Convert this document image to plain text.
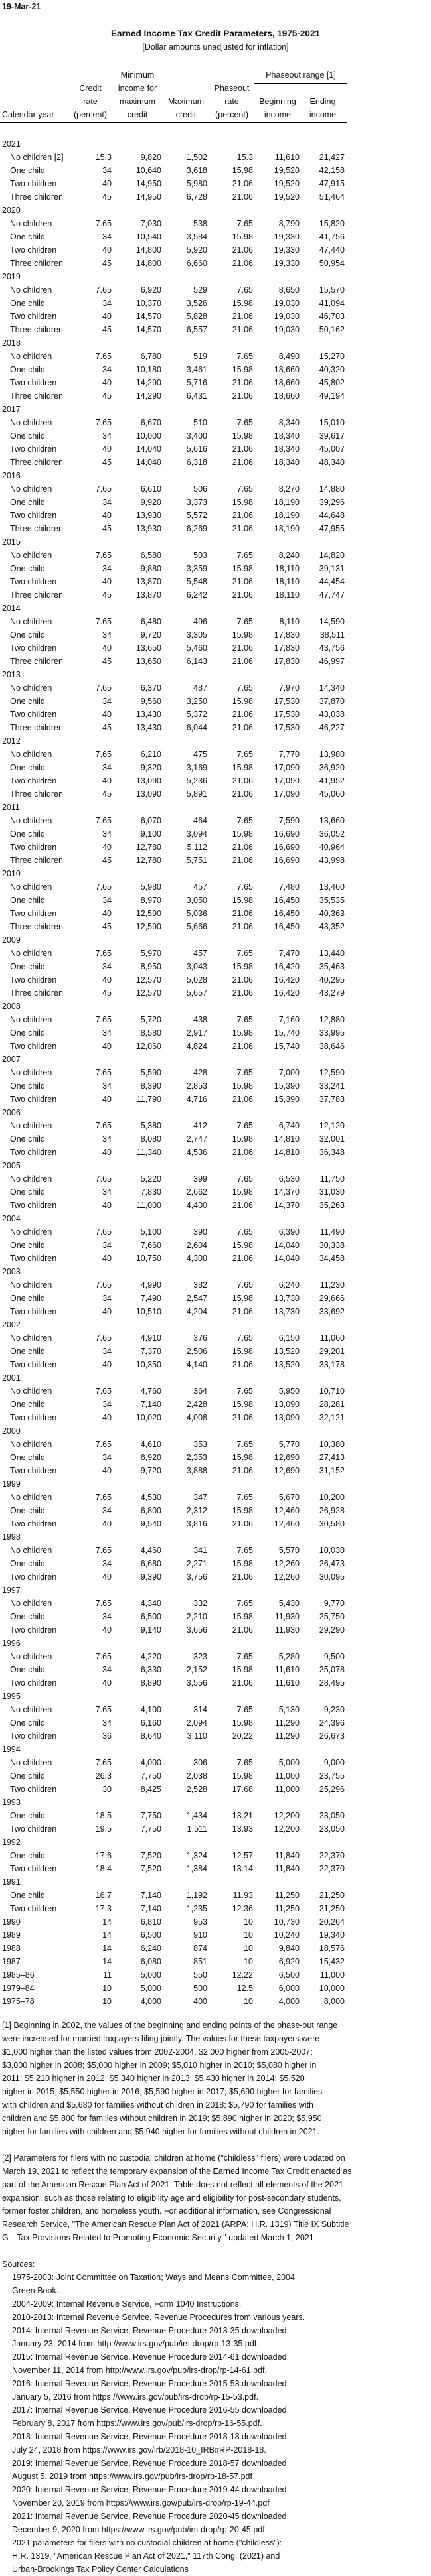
19-Mar-21
Earned Income Tax Credit Parameters, 1975-2021
[Dollar amounts unadjusted for inflation]
Calendar year
Credit
rate
(percent)
Minimum
income for
maximum
credit
Maximum
credit
Phaseout
rate
(percent)
Phaseout range [1]
Beginning
income
Ending
income
2021
No children [2]	15.3	9,820	1,502	15.3	11,610 21,427
One child	34	10,640	3,618	15.98	19,520 42,158
Two children	40	14,950	5,980	21.06	19,520 47,915
Three children	45	14,950	6,728	21.06	19,520 51,464
2020
No children	7.65	7,030	538	7.65	8,790 15,820
One child	34	10,540	3,584	15.98	19,330 41,756
Two children	40	14,800	5,920	21.06	19,330 47,440
Three children	45	14,800	6,660	21.06	19,330 50,954
2019
No children	7.65	6,920	529	7.65	8,650 15,570
One child	34	10,370	3,526	15.98	19,030 41,094
Two children	40	14,570	5,828	21.06	19,030 46,703
Three children	45	14,570	6,557	21.06	19,030 50,162
2018
No children	7.65	6,780	519	7.65	8,490 15,270
One child	34	10,180	3,461	15.98	18,660 40,320
Two children	40	14,290	5,716	21.06	18,660 45,802
Three children	45	14,290	6,431	21.06	18,660 49,194
2017
No children	7.65	6,670	510	7.65	8,340 15,010
One child	34	10,000	3,400	15.98	18,340 39,617
Two children	40	14,040	5,616	21.06	18,340 45,007
Three children	45	14,040	6,318	21.06	18,340 48,340
2016
No children	7.65	6,610	506	7.65	8,270 14,880
One child	34	9,920	3,373	15.98	18,190 39,296
Two children	40	13,930	5,572	21.06	18,190 44,648
Three children	45	13,930	6,269	21.06	18,190 47,955
2015
No children	7.65	6,580	503	7.65	8,240 14,820
One child	34	9,880	3,359	15.98	18,110 39,131
Two children	40	13,870	5,548	21.06	18,110 44,454
Three children	45	13,870	6,242	21.06	18,110 47,747
2014
No children	7.65	6,480	496	7.65	8,110 14,590
One child	34	9,720	3,305	15.98	17,830 38,511
Two children	40	13,650	5,460	21.06	17,830 43,756
Three children	45	13,650	6,143	21.06	17,830 46,997
2013
No children	7.65	6,370	487	7.65	7,970 14,340
One child	34	9,560	3,250	15.98	17,530 37,870
Two children	40	13,430	5,372	21.06	17,530 43,038
Three children	45	13,430	6,044	21.06	17,530 46,227
2012
No children	7.65	6,210	475	7.65	7,770 13,980
One child	34	9,320	3,169	15.98	17,090 36,920
Two children	40	13,090	5,236	21.06	17,090 41,952
Three children	45	13,090	5,891	21.06	17,090 45,060
2011
No children	7.65	6,070	464	7.65	7,590 13,660
One child	34	9,100	3,094	15.98	16,690 36,052
Two children	40	12,780	5,112	21.06	16,690 40,964
Three children	45	12,780	5,751	21.06	16,690 43,998
2010
No children	7.65	5,980	457	7.65	7,480 13,460
One child	34	8,970	3,050	15.98	16,450 35,535
Two children	40	12,590	5,036	21.06	16,450 40,363
Three children	45	12,590	5,666	21.06	16,450 43,352
2009
No children	7.65	5,970	457	7.65	7,470 13,440
One child	34	8,950	3,043	15.98	16,420 35,463
Two children	40	12,570	5,028	21.06	16,420 40,295
Three children	45	12,570	5,657	21.06	16,420 43,279
2008
No children	7.65	5,720	438	7.65	7,160 12,880
One child	34	8,580	2,917	15.98	15,740 33,995
Two children	40	12,060	4,824	21.06	15,740 38,646
2007
No children	7.65	5,590	428	7.65	7,000 12,590
One child	34	8,390	2,853	15.98	15,390 33,241
Two children	40	11,790	4,716	21.06	15,390 37,783
2006
No children	7.65	5,380	412	7.65	6,740 12,120
One child	34	8,080	2,747	15.98	14,810 32,001
Two children	40	11,340	4,536	21.06	14,810 36,348
2005
No children	7.65	5,220	399	7.65	6,530 11,750
One child	34	7,830	2,662	15.98	14,370 31,030
Two children	40	11,000	4,400	21.06	14,370 35,263
2004
No children	7.65	5,100	390	7.65	6,390 11,490
One child	34	7,660	2,604	15.98	14,040 30,338
Two children	40	10,750	4,300	21.06	14,040 34,458
2003
No children	7.65	4,990	382	7.65	6,240 11,230
One child	34	7,490	2,547	15.98	13,730 29,666
Two children	40	10,510	4,204	21.06	13,730 33,692
2002
No children	7.65	4,910	376	7.65	6,150 11,060
One child	34	7,370	2,506	15.98	13,520 29,201
Two children	40	10,350	4,140	21.06	13,520 33,178
2001
No children	7.65	4,760	364	7.65	5,950 10,710
One child	34	7,140	2,428	15.98	13,090 28,281
Two children	40	10,020	4,008	21.06	13,090 32,121
2000
No children	7.65	4,610	353	7.65	5,770 10,380
One child	34	6,920	2,353	15.98	12,690 27,413
Two children	40	9,720	3,888	21.06	12,690 31,152
1999
No children	7.65	4,530	347	7.65	5,670 10,200
One child	34	6,800	2,312	15.98	12,460 26,928
Two children	40	9,540	3,816	21.06	12,460 30,580
1998
No children	7.65	4,460	341	7.65	5,570 10,030
One child	34	6,680	2,271	15.98	12,260 26,473
Two children	40	9,390	3,756	21.06	12,260 30,095
1997
No children	7.65	4,340	332	7.65	5,430	9,770
One child	34	6,500	2,210	15.98	11,930 25,750
Two children	40	9,140	3,656	21.06	11,930 29,290
1996
No children	7.65	4,220	323	7.65	5,280	9,500
One child	34	6,330	2,152	15.98	11,610 25,078
Two children	40	8,890	3,556	21.06	11,610 28,495
1995
No children	7.65	4,100	314	7.65	5,130	9,230
One child	34	6,160	2,094	15.98	11,290 24,396
Two children	36	8,640	3,110	20.22	11,290 26,673
1994
No children	7.65	4,000	306	7.65	5,000	9,000
One child	26.3	7,750	2,038	15.98	11,000 23,755
Two children	30	8,425	2,528	17.68	11,000 25,296
1993
One child	18.5	7,750	1,434	13.21	12,200 23,050
Two children	19.5	7,750	1,511	13.93	12,200 23,050
1992
One child	17.6	7,520	1,324	12.57	11,840 22,370
Two children	18.4	7,520	1,384	13.14	11,840 22,370
1991
One child	16.7	7,140	1,192	11.93	11,250 21,250
Two children	17.3	7,140	1,235	12.36	11,250 21,250
1990	14	6,810	953	10	10,730 20,264
1989	14	6,500	910	10	10,240 19,340
1988	14	6,240	874	10	9,840 18,576
1987	14	6,080	851	10	6,920 15,432
1985–86	11	5,000	550	12.22	6,500 11,000
1979–84	10	5,000	500	12.5	6,000 10,000
1975–78	10	4,000	400	10	4,000	8,000
[1] Beginning in 2002, the values of the beginning and ending points of the phase-out range
were increased for married taxpayers filing jointly. The values for these taxpayers were
$1,000 higher than the listed values from 2002-2004, $2,000 higher from 2005-2007;
$3,000 higher in 2008; $5,000 higher in 2009; $5,010 higher in 2010; $5,080 higher in
2011; $5,210 higher in 2012; $5,340 higher in 2013; $5,430 higher in 2014; $5,520
higher in 2015; $5,550 higher in 2016; $5,590 higher in 2017; $5,690 higher for families
with children and $5,680 for families without children in 2018; $5,790 for families with
children and $5,800 for families without children in 2019; $5,890 higher in 2020; $5,950
higher for families with children and $5,940 higher for families without children in 2021.
[2] Parameters for filers with no custodial children at home ("childless" filers) were updated on
March 19, 2021 to reflect the temporary expansion of the Earned Income Tax Credit enacted as
part of the American Rescue Plan Act of 2021. Table does not reflect all elements of the 2021
expansion, such as those relating to eligibility age and eligibility for post-secondary students,
former foster children, and homeless youth. For additional information, see Congressional
Research Service, "The American Rescue Plan Act of 2021 (ARPA; H.R. 1319) Title IX Subtitle
G—Tax Provisions Related to Promoting Economic Security," updated March 1, 2021.
Sources:
1975-2003: Joint Committee on Taxation; Ways and Means Committee, 2004
Green Book.
2004-2009: Internal Revenue Service, Form 1040 Instructions.
2010-2013: Internal Revenue Service, Revenue Procedures from various years.
2014: Internal Revenue Service, Revenue Procedure 2013-35 downloaded
January 23, 2014 from http://www.irs.gov/pub/irs-drop/rp-13-35.pdf.
2015: Internal Revenue Service, Revenue Procedure 2014-61 downloaded
November 11, 2014 from http://www.irs.gov/pub/irs-drop/rp-14-61.pdf.
2016: Internal Revenue Service, Revenue Procedure 2015-53 downloaded
January 5, 2016 from https://www.irs.gov/pub/irs-drop/rp-15-53.pdf.
2017: Internal Revenue Service, Revenue Procedure 2016-55 downloaded
February 8, 2017 from https://www.irs.gov/pub/irs-drop/rp-16-55.pdf.
2018: Internal Revenue Service, Revenue Procedure 2018-18 downloaded
July 24, 2018 from https://www.irs.gov/irb/2018-10_IRB#RP-2018-18.
2019: Internal Revenue Service, Revenue Procedure 2018-57 downloaded
August 5, 2019 from https://www.irs.gov/pub/irs-drop/rp-18-57.pdf
2020: Internal Revenue Service, Revenue Procedure 2019-44 downloaded
November 20, 2019 from https://www.irs.gov/pub/irs-drop/rp-19-44.pdf
2021: Internal Revenue Service, Revenue Procedure 2020-45 downloaded
December 9, 2020 from https://www.irs.gov/pub/irs-drop/rp-20-45.pdf
2021 parameters for filers with no custodial children at home ("childless"):
H.R. 1319, "American Rescue Plan Act of 2021," 117th Cong. (2021) and
Urban-Brookings Tax Policy Center Calculations
